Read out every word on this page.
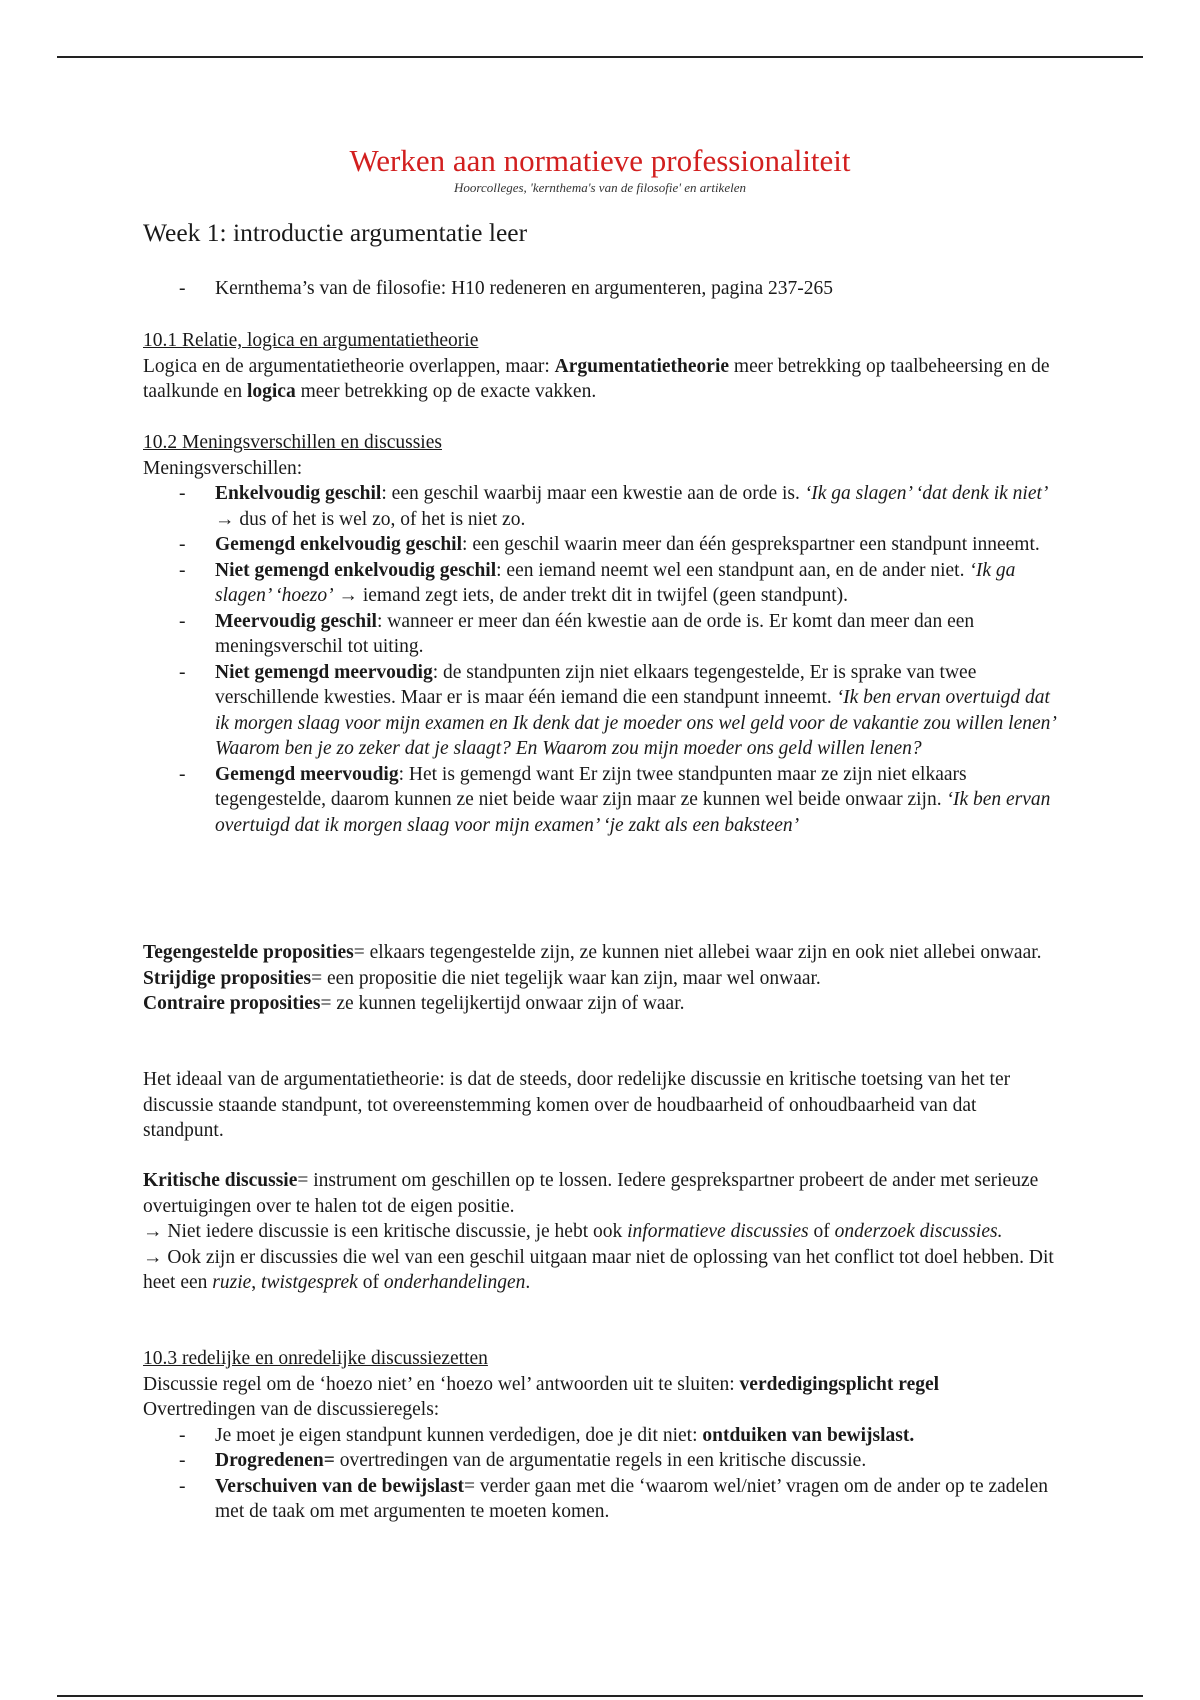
Werken aan normatieve professionaliteit
Hoorcolleges, 'kernthema's van de filosofie' en artikelen
Week 1: introductie argumentatie leer
- Kernthema’s van de filosofie: H10 redeneren en argumenteren, pagina 237-265

10.1 Relatie, logica en argumentatietheorie

Logica en de argumentatietheorie overlappen, maar: Argumentatietheorie meer betrekking op taalbeheersing en de taalkunde en logica meer betrekking op de exacte vakken.

10.2 Meningsverschillen en discussies

Meningsverschillen:

- Enkelvoudig geschil: een geschil waarbij maar een kwestie aan de orde is. ‘Ik ga slagen’ ‘dat denk ik niet’ → dus of het is wel zo, of het is niet zo.
- Gemengd enkelvoudig geschil: een geschil waarin meer dan één gesprekspartner een standpunt inneemt.
- Niet gemengd enkelvoudig geschil: een iemand neemt wel een standpunt aan, en de ander niet. ‘Ik ga slagen’ ‘hoezo’ → iemand zegt iets, de ander trekt dit in twijfel (geen standpunt).
- Meervoudig geschil: wanneer er meer dan één kwestie aan de orde is. Er komt dan meer dan een meningsverschil tot uiting.
- Niet gemengd meervoudig: de standpunten zijn niet elkaars tegengestelde, Er is sprake van twee verschillende kwesties. Maar er is maar één iemand die een standpunt inneemt. ‘Ik ben ervan overtuigd dat ik morgen slaag voor mijn examen en Ik denk dat je moeder ons wel geld voor de vakantie zou willen lenen’ Waarom ben je zo zeker dat je slaagt? En Waarom zou mijn moeder ons geld willen lenen?
- Gemengd meervoudig: Het is gemengd want Er zijn twee standpunten maar ze zijn niet elkaars tegengestelde, daarom kunnen ze niet beide waar zijn maar ze kunnen wel beide onwaar zijn. ‘Ik ben ervan overtuigd dat ik morgen slaag voor mijn examen’ ‘je zakt als een baksteen’

Tegengestelde proposities= elkaars tegengestelde zijn, ze kunnen niet allebei waar zijn en ook niet allebei onwaar.

Strijdige proposities= een propositie die niet tegelijk waar kan zijn, maar wel onwaar.

Contraire proposities= ze kunnen tegelijkertijd onwaar zijn of waar.

Het ideaal van de argumentatietheorie: is dat de steeds, door redelijke discussie en kritische toetsing van het ter discussie staande standpunt, tot overeenstemming komen over de houdbaarheid of onhoudbaarheid van dat standpunt.

Kritische discussie= instrument om geschillen op te lossen. Iedere gesprekspartner probeert de ander met serieuze overtuigingen over te halen tot de eigen positie.

→ Niet iedere discussie is een kritische discussie, je hebt ook informatieve discussies of onderzoek discussies.

→ Ook zijn er discussies die wel van een geschil uitgaan maar niet de oplossing van het conflict tot doel hebben. Dit heet een ruzie, twistgesprek of onderhandelingen.

10.3 redelijke en onredelijke discussiezetten

Discussie regel om de ‘hoezo niet’ en ‘hoezo wel’ antwoorden uit te sluiten: verdedigingsplicht regel

Overtredingen van de discussieregels:

- Je moet je eigen standpunt kunnen verdedigen, doe je dit niet: ontduiken van bewijslast.
- Drogredenen= overtredingen van de argumentatie regels in een kritische discussie.
- Verschuiven van de bewijslast= verder gaan met die ‘waarom wel/niet’ vragen om de ander op te zadelen met de taak om met argumenten te moeten komen.
